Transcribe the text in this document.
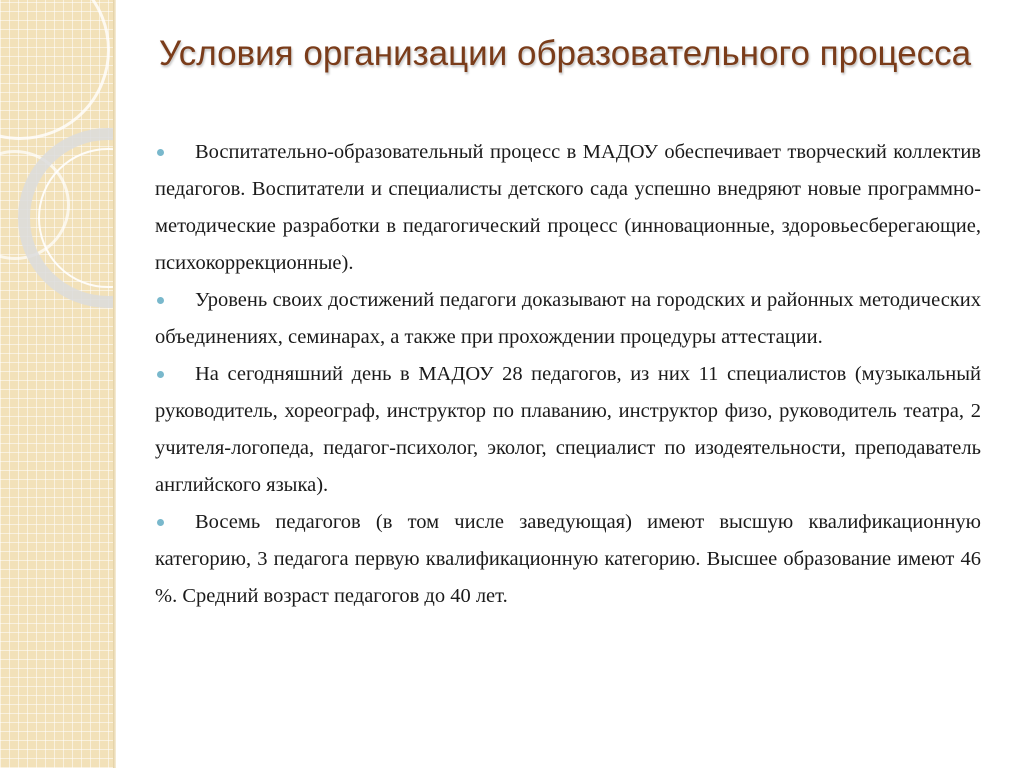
Условия организации образовательного процесса
Воспитательно-образовательный процесс в МАДОУ обеспечивает творческий коллектив педагогов. Воспитатели и специалисты детского сада успешно внедряют новые программно-методические разработки в педагогический процесс (инновационные, здоровьесберегающие, психокоррекционные).
Уровень своих достижений педагоги доказывают на городских и районных методических объединениях, семинарах, а также при прохождении процедуры аттестации.
На сегодняшний день в МАДОУ 28 педагогов, из них 11 специалистов (музыкальный руководитель, хореограф, инструктор по плаванию, инструктор физо, руководитель театра, 2 учителя-логопеда, педагог-психолог, эколог, специалист по изодеятельности, преподаватель английского языка).
Восемь педагогов (в том числе заведующая) имеют высшую квалификационную категорию, 3 педагога первую квалификационную категорию. Высшее образование имеют 46 %. Средний возраст педагогов до 40 лет.
